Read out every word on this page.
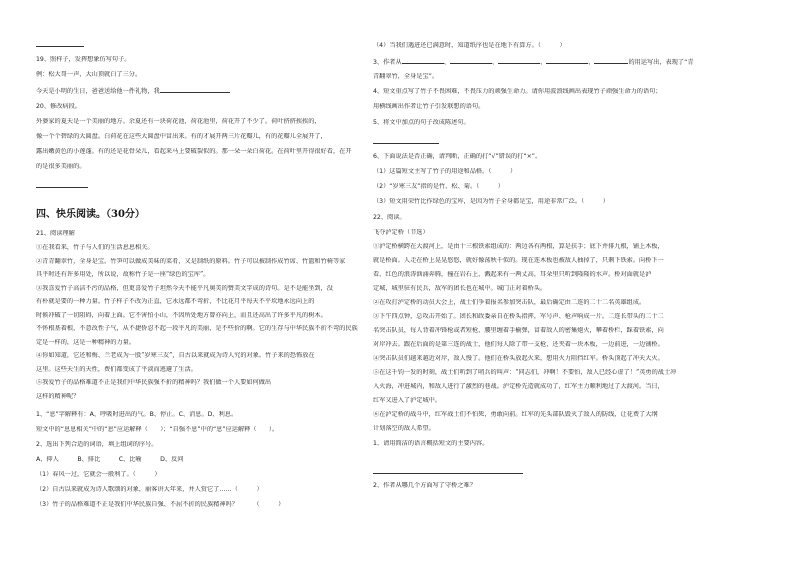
19、照样子，发挥想象仿写句子。
例：松大哥一声，大山顶就白了三分。
今天是小明的生日，爸爸送给他一件礼物，我
20、修改病段。
外婆家的夏天是一个美丽的地方。余夏还有一块荷花池，荷花池里，荷花开了不少了。荷叶挤挤挨挨的，
像一个个碧绿的大圆盘。白荷花在这些大圆盘中冒出来。有的才展开两三片花瓣儿，有的花瓣儿全展开了，
露出嫩黄色的小莲蓬。有的还是花骨朵儿，看起来马上要破裂似的。那一朵一朵白荷花。在荷叶里开得很好看，在开
的是很多美丽的。
四、快乐阅读。（30分）
21、阅读理解
①在我看来，竹子与人们的生活息息相关。
②青青翻翠竹，全身是宝。竹笋可以做成美味的菜肴，又是制纸的原料。竹子可以被制作成竹席、竹篮和竹椅等家
具平时还有许多用处，所以说，故称竹子是一座“绿色的宝库”。
③我喜爱竹子高洁不污的品格，但更喜爱竹子坦然今天不能平凡奥美的赞美文字成的诗句。是不是能坐到，没
有朴就是要的一种力量。竹子样子不改为正直，它永远都不弯折，不比花月平每天不平坎地永远向上的
时候冲破了一切阻碍，向着上面。它不害怕小山，不因所处地方曾亦向上，而且还高出了许多平凡的树木。
不怀根基着根，不意改性子气，从不捷侨忍不起一段平凡的美丽，是不些价的啊。它的生存与中华民族不折不弯的民族
定是一样的，这是一种精神的力量。
④你如知道，它还和梅、兰老成为一股“岁寒三友”，自古以来就成为诗人究的对象。竹子来的恐怖放在
这里。这些天生的天性，费们都变成了平淡而逃避了生活。
⑤我爱竹子的品格难道不正是我们中华民族强不折的精神吗？我们做一个人要如何做出
这样的精神呢？
1、“息”字解释有：A、呼吸时进出的气。B、停止。C、消息。D、利息。
短文中的“息息相关”中的“息”应运解释（　　）；“自强不息”中的“息”应运解释（　　）。
2、选出下列合适的词语，填上组词的序号。
A、抑人　　　B、排比　　　C、比喻　　　D、反问
（1）春风一过，它就会一般利了。（　　　）
（2）自古以来就成为诗人歌颂的对象，丽客讲大年来，并人赏它了……（　　　）
（3）竹子的品格难道不正是我们中华民族自强、不屈不折的民族精神吗？　　　（　　　）
（4）当我们遇进还已满意时，知道纸序也是在地下有算方。（　　　）
3、作者从	、	、	、	、	的用运写出，表现了“青
青翻翠竹，全身是宝”。
4、短文重点写了竹子不畏困难，不畏压力的顽强生命力。请你用波浪线画出表现竹子顽强生命力的语句；
用横线画出作者让竹子引发联想的语句。
5、将文中加点的句子改成陈述句。
6、下面说法是否正确，请判断，正确的打“√”错误的打“×”。
（1）这篇短文主写了竹子的用途和品格。（　　　）
（2）“岁寒三友”指的是竹、松、菊。（　　　）
（3）短文用荣竹比作绿色的宝库，是因为竹子全身都是宝，用途非常广泛。（　　　）
22、阅读。
飞夺泸定桥（节选）
①泸定桥横跨在大渡河上，是由十三根铁索组成的：两边各有两根，算是扶手；底下并排九根，铺上木板，
就是桥面。人走在桥上晃晃悠悠，就好像荡秋千似的。现在连木板也被敌人抽掉了，只剩下铁索。向桥下一
看，红色的浪涛汹涌奔腾，撞在岩石上，溅起来有一两丈高，耳朵里只听到隆隆的水声。桥对面就是泸
定城，城里驻有民兵，敌军的团长也在城中。城门正对着桥头。
②在攻打泸定桥的动员大会上，战士们争着报名参加突击队，最后确定由二连的二十二名英雄组成。
③下午四点钟，总攻击开始了。团长和政委亲自在桥头指挥，军号声、枪声响成一片。二连长带头的二十二
名突击队员，每人背着冲锋枪或者短枪，腰里缠着手榆弹，冒着敌人的密集炮火，攀着桥栏，踩着铁索，向
对岸冲去。跟在后面的是第三连的战士，他们每人除了带一支枪，还夹着一块木板，一边前进，一边铺桥。
④突击队员们越来越近对岸，敌人慢了。他们在桥头放起火来，想用火力阻挡红军。桥头顶起了冲天大火。
⑤在这千钧一发的时刻，战士们听到了哨兵的叫声：“同志们，冲啊！不要怕，敌人已经心虚了！”英勇的战士冲
入火海，冲进城内，和敌人进行了激烈的巷战。泸定桥先造就成功了，红军主力顺利地过了大渡河。当日，
红军又进入了泸定城中。
⑥在泸定桥的战斗中，红军战士们不怕死，勇敢向前。红军的先头部队毁灭了敌人的防线，让花费了大纲
计划落空的敌人希望。
1、请用简洁的语言概括短文的主要内容。
2、作者从哪几个方面写了守桥之难？
